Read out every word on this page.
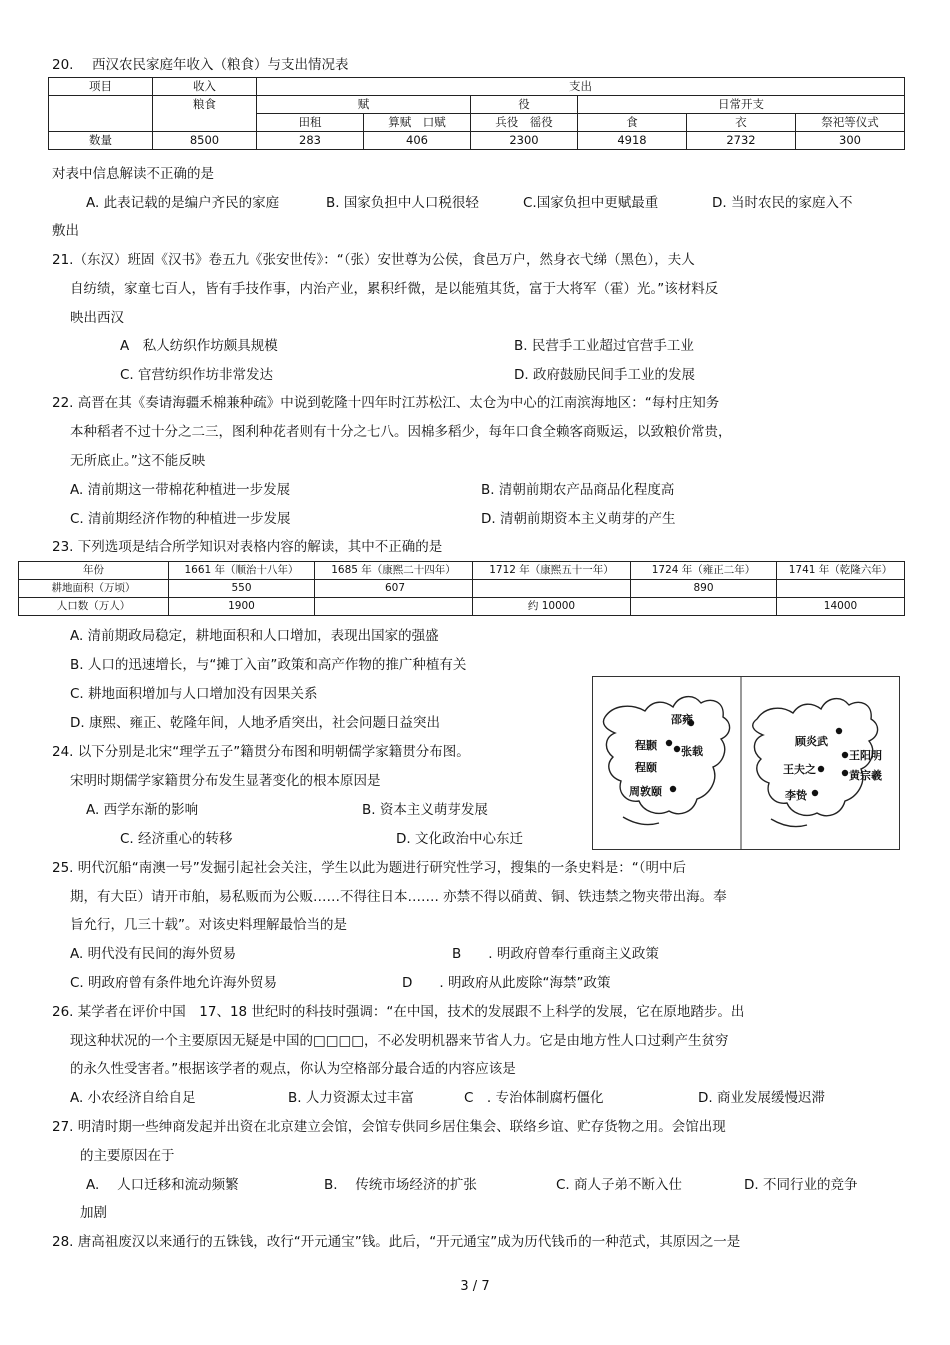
20. 西汉农民家庭年收入（粮食）与支出情况表
项目	收入	支出					
	粮食	赋		役	日常开支		
		田租	算赋　口赋	兵役　徭役	食	衣	祭祀等仪式
数量	8500	283	406	2300	4918	2732	300
对表中信息解读不正确的是
A. 此表记载的是编户齐民的家庭	B. 国家负担中人口税很轻	C.国家负担中更赋最重	D. 当时农民的家庭入不
敷出
21.（东汉）班固《汉书》卷五九《张安世传》：“（张）安世尊为公侯，食邑万户，然身衣弋绨（黑色），夫人
自纺绩，家童七百人，皆有手技作事，内治产业，累积纤微，是以能殖其货，富于大将军（霍）光。”该材料反
映出西汉
A　私人纺织作坊颇具规模	B. 民营手工业超过官营手工业
C. 官营纺织作坊非常发达	D. 政府鼓励民间手工业的发展
22. 高晋在其《奏请海疆禾棉兼种疏》中说到乾隆十四年时江苏松江、太仓为中心的江南滨海地区：“每村庄知务
本种稻者不过十分之二三，图利种花者则有十分之七八。因棉多稻少，每年口食全赖客商贩运，以致粮价常贵，
无所底止。”这不能反映
A. 清前期这一带棉花种植进一步发展	B. 清朝前期农产品商品化程度高
C. 清前期经济作物的种植进一步发展	D. 清朝前期资本主义萌芽的产生
23. 下列选项是结合所学知识对表格内容的解读，其中不正确的是
年份	1661 年（顺治十八年）	1685 年（康熙二十四年）	1712 年（康熙五十一年）	1724 年（雍正二年）	1741 年（乾隆六年）
耕地面积（万顷）	550	607		890	
人口数（万人）	1900		约 10000		14000
A. 清前期政局稳定，耕地面积和人口增加，表现出国家的强盛
B. 人口的迅速增长，与“摊丁入亩”政策和高产作物的推广种植有关
C. 耕地面积增加与人口增加没有因果关系
D. 康熙、雍正、乾隆年间，人地矛盾突出，社会问题日益突出	邵雍
程颢 张载
程颐
周敦颐
顾炎武
王阳明
王夫之	黄宗羲
李贽
24. 以下分别是北宋“理学五子”籍贯分布图和明朝儒学家籍贯分布图。
宋明时期儒学家籍贯分布发生显著变化的根本原因是
A. 西学东渐的影响	B. 资本主义萌芽发展
C. 经济重心的转移	D. 文化政治中心东迁
25. 明代沉船“南澳一号”发掘引起社会关注，学生以此为题进行研究性学习，搜集的一条史料是：“（明中后
期，有大臣）请开市舶，易私贩而为公贩……不得往日本……. 亦禁不得以硝黄、铜、铁违禁之物夹带出海。奉
旨允行，几三十载”。对该史料理解最恰当的是
A. 明代没有民间的海外贸易	B　　. 明政府曾奉行重商主义政策
C. 明政府曾有条件地允许海外贸易	D　　. 明政府从此废除“海禁”政策
26. 某学者在评价中国　17、18 世纪时的科技时强调：“在中国，技术的发展跟不上科学的发展，它在原地踏步。出
现这种状况的一个主要原因无疑是中国的□□□□，不必发明机器来节省人力。它是由地方性人口过剩产生贫穷
的永久性受害者。”根据该学者的观点，你认为空格部分最合适的内容应该是
A. 小农经济自给自足	B. 人力资源太过丰富	C　. 专治体制腐朽僵化	D. 商业发展缓慢迟滞
27. 明清时期一些绅商发起并出资在北京建立会馆，会馆专供同乡居住集会、联络乡谊、贮存货物之用。会馆出现
的主要原因在于
A.　 人口迁移和流动频繁	B.　 传统市场经济的扩张	C. 商人子弟不断入仕	D. 不同行业的竞争
加剧
28. 唐高祖废汉以来通行的五铢钱，改行“开元通宝”钱。此后，“开元通宝”成为历代钱币的一种范式，其原因之一是
3 / 7
